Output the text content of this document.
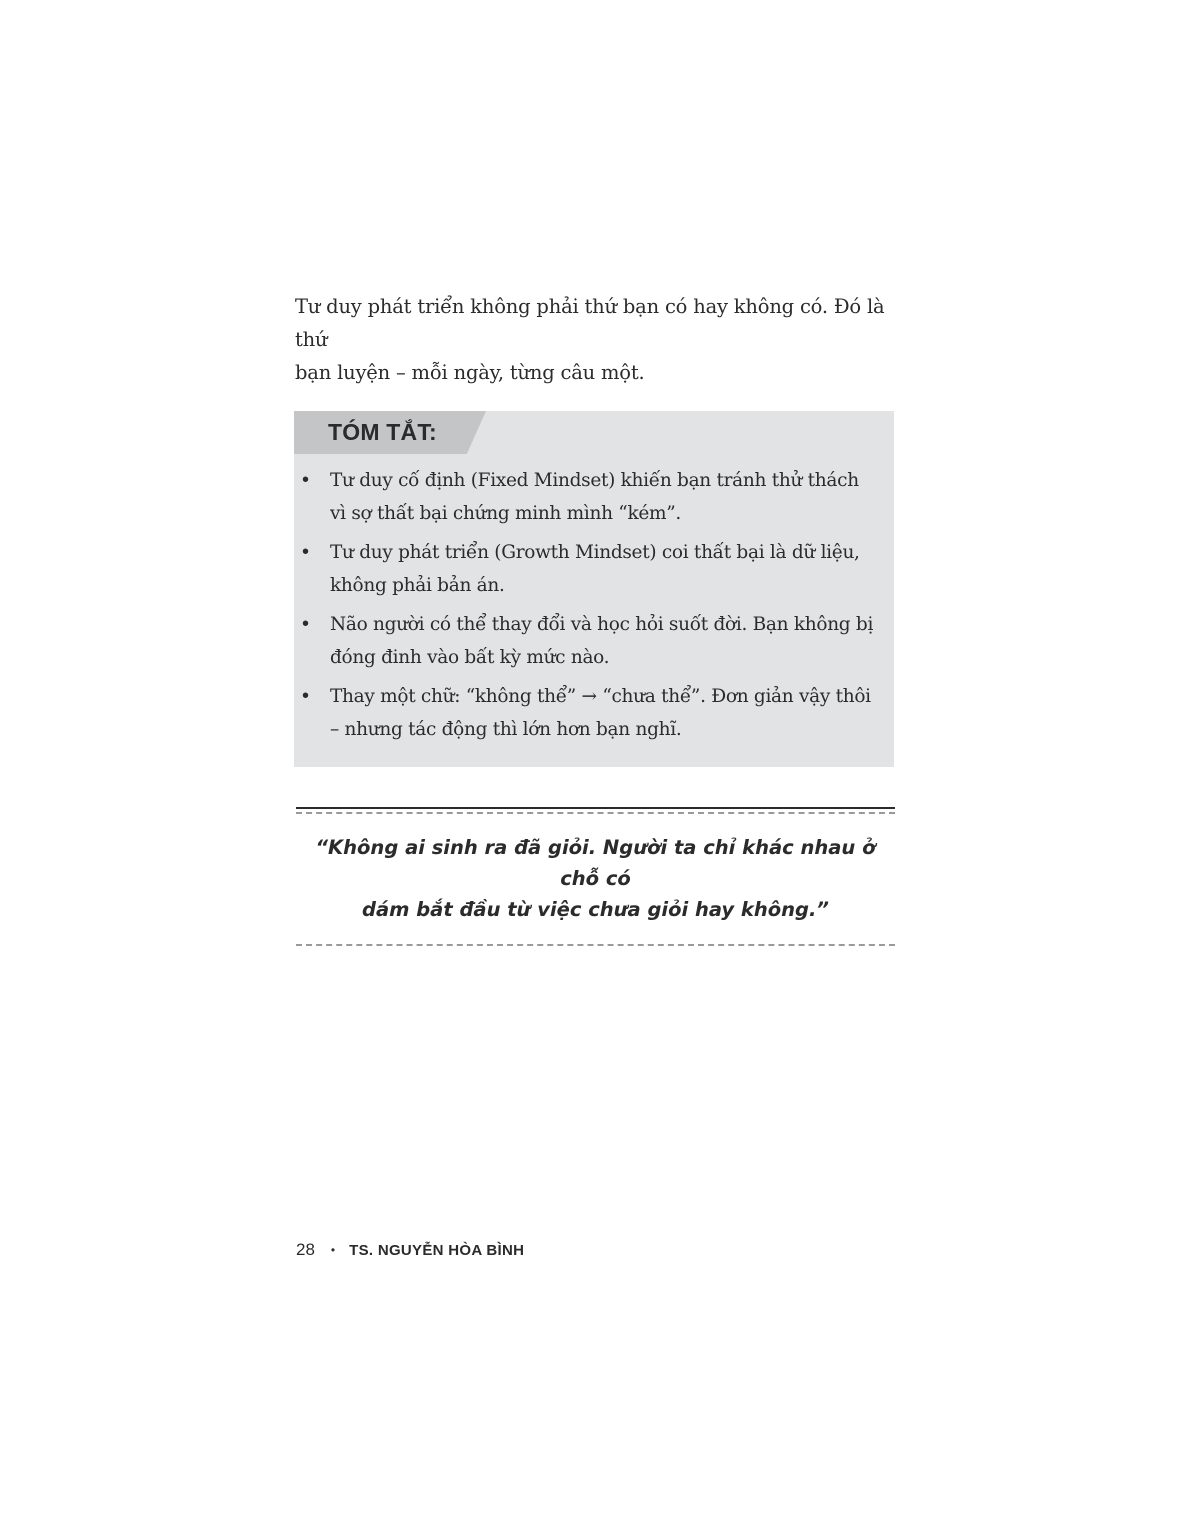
Tư duy phát triển không phải thứ bạn có hay không có. Đó là thứ

bạn luyện – mỗi ngày, từng câu một.

TÓM TẮT:
• Tư duy cố định (Fixed Mindset) khiến bạn tránh thử thách
vì sợ thất bại chứng minh mình “kém”.
• Tư duy phát triển (Growth Mindset) coi thất bại là dữ liệu,
không phải bản án.
• Não người có thể thay đổi và học hỏi suốt đời. Bạn không bị
đóng đinh vào bất kỳ mức nào.
• Thay một chữ: “không thể” → “chưa thể”. Đơn giản vậy thôi
– nhưng tác động thì lớn hơn bạn nghĩ.

“Không ai sinh ra đã giỏi. Người ta chỉ khác nhau ở chỗ có
dám bắt đầu từ việc chưa giỏi hay không.”

28 • TS. NGUYỄN HÒA BÌNH
